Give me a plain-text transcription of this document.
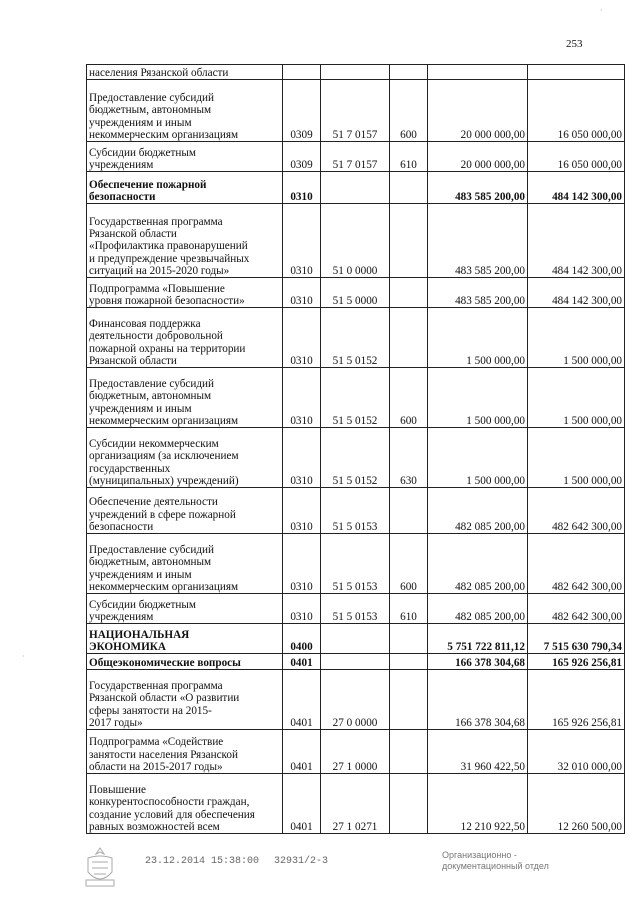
253
населения Рязанской области					
Предоставление субсидий
бюджетным, автономным
учреждениям и иным
некоммерческим организациям	0309	51 7 0157	600	20 000 000,00	16 050 000,00
Субсидии бюджетным
учреждениям	0309	51 7 0157	610	20 000 000,00	16 050 000,00
Обеспечение пожарной
безопасности	0310			483 585 200,00	484 142 300,00
Государственная программа
Рязанской области
«Профилактика правонарушений
и предупреждение чрезвычайных
ситуаций на 2015-2020 годы»	0310	51 0 0000		483 585 200,00	484 142 300,00
Подпрограмма «Повышение
уровня пожарной безопасности»	0310	51 5 0000		483 585 200,00	484 142 300,00
Финансовая поддержка
деятельности добровольной
пожарной охраны на территории
Рязанской области	0310	51 5 0152		1 500 000,00	1 500 000,00
Предоставление субсидий
бюджетным, автономным
учреждениям и иным
некоммерческим организациям	0310	51 5 0152	600	1 500 000,00	1 500 000,00
Субсидии некоммерческим
организациям (за исключением
государственных
(муниципальных) учреждений)	0310	51 5 0152	630	1 500 000,00	1 500 000,00
Обеспечение деятельности
учреждений в сфере пожарной
безопасности	0310	51 5 0153		482 085 200,00	482 642 300,00
Предоставление субсидий
бюджетным, автономным
учреждениям и иным
некоммерческим организациям	0310	51 5 0153	600	482 085 200,00	482 642 300,00
Субсидии бюджетным
учреждениям	0310	51 5 0153	610	482 085 200,00	482 642 300,00
НАЦИОНАЛЬНАЯ
ЭКОНОМИКА	0400			5 751 722 811,12	7 515 630 790,34
Общеэкономические вопросы	0401			166 378 304,68	165 926 256,81
Государственная программа
Рязанской области «О развитии
сферы занятости на 2015-
2017 годы»	0401	27 0 0000		166 378 304,68	165 926 256,81
Подпрограмма «Содействие
занятости населения Рязанской
области на 2015-2017 годы»	0401	27 1 0000		31 960 422,50	32 010 000,00
Повышение
конкурентоспособности граждан,
создание условий для обеспечения
равных возможностей всем	0401	27 1 0271		12 210 922,50	12 260 500,00
23.12.2014 15:38:00 32931/2-3
Организационно -
документационный отдел
·
·
